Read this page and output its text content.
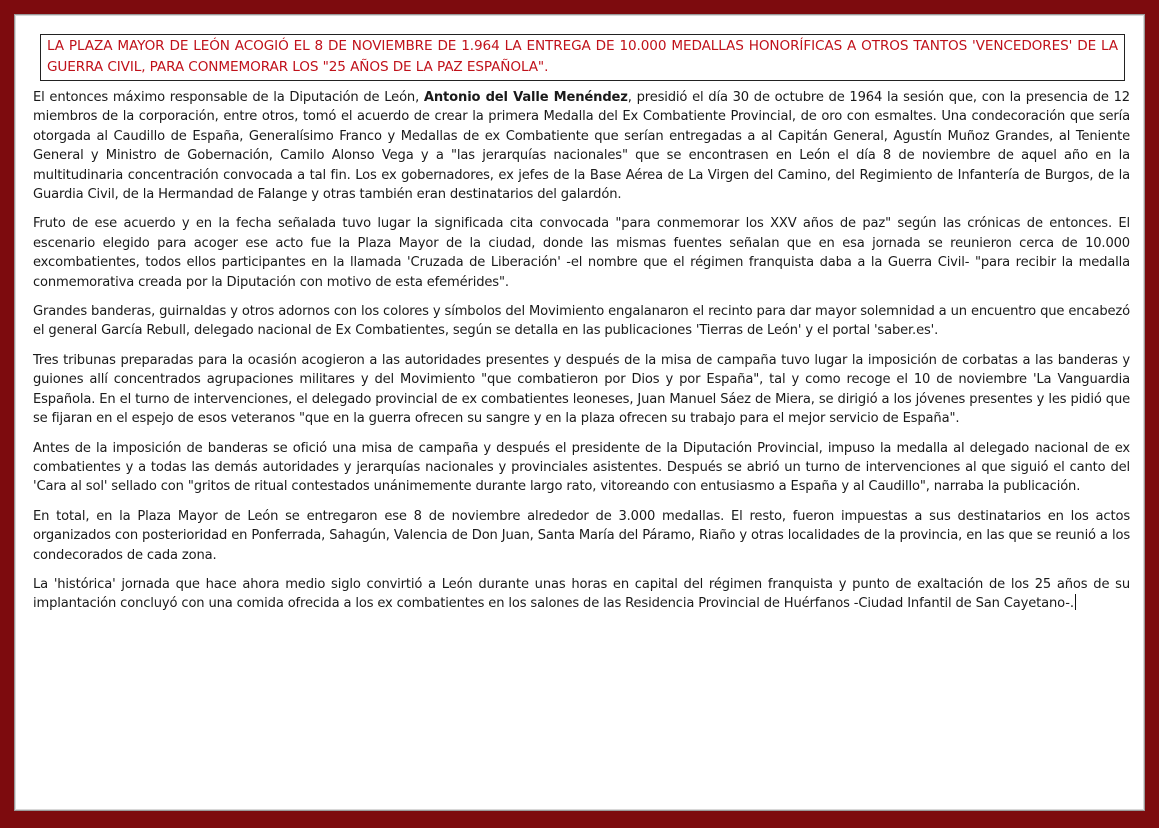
LA PLAZA MAYOR DE LEÓN ACOGIÓ EL 8 DE NOVIEMBRE DE 1.964 LA ENTREGA DE 10.000 MEDALLAS HONORÍFICAS A OTROS TANTOS 'VENCEDORES' DE LA GUERRA CIVIL, PARA CONMEMORAR LOS "25 AÑOS DE LA PAZ ESPAÑOLA".

El entonces máximo responsable de la Diputación de León, Antonio del Valle Menéndez, presidió el día 30 de octubre de 1964 la sesión que, con la presencia de 12 miembros de la corporación, entre otros, tomó el acuerdo de crear la primera Medalla del Ex Combatiente Provincial, de oro con esmaltes. Una condecoración que sería otorgada al Caudillo de España, Generalísimo Franco y Medallas de ex Combatiente que serían entregadas a al Capitán General, Agustín Muñoz Grandes, al Teniente General y Ministro de Gobernación, Camilo Alonso Vega y a "las jerarquías nacionales" que se encontrasen en León el día 8 de noviembre de aquel año en la multitudinaria concentración convocada a tal fin. Los ex gobernadores, ex jefes de la Base Aérea de La Virgen del Camino, del Regimiento de Infantería de Burgos, de la Guardia Civil, de la Hermandad de Falange y otras también eran destinatarios del galardón.

Fruto de ese acuerdo y en la fecha señalada tuvo lugar la significada cita convocada "para conmemorar los XXV años de paz" según las crónicas de entonces. El escenario elegido para acoger ese acto fue la Plaza Mayor de la ciudad, donde las mismas fuentes señalan que en esa jornada se reunieron cerca de 10.000 excombatientes, todos ellos participantes en la llamada 'Cruzada de Liberación' -el nombre que el régimen franquista daba a la Guerra Civil- "para recibir la medalla conmemorativa creada por la Diputación con motivo de esta efemérides".

Grandes banderas, guirnaldas y otros adornos con los colores y símbolos del Movimiento engalanaron el recinto para dar mayor solemnidad a un encuentro que encabezó el general García Rebull, delegado nacional de Ex Combatientes, según se detalla en las publicaciones 'Tierras de León' y el portal 'saber.es'.

Tres tribunas preparadas para la ocasión acogieron a las autoridades presentes y después de la misa de campaña tuvo lugar la imposición de corbatas a las banderas y guiones allí concentrados agrupaciones militares y del Movimiento "que combatieron por Dios y por España", tal y como recoge el 10 de noviembre 'La Vanguardia Española. En el turno de intervenciones, el delegado provincial de ex combatientes leoneses, Juan Manuel Sáez de Miera, se dirigió a los jóvenes presentes y les pidió que se fijaran en el espejo de esos veteranos "que en la guerra ofrecen su sangre y en la plaza ofrecen su trabajo para el mejor servicio de España".

Antes de la imposición de banderas se ofició una misa de campaña y después el presidente de la Diputación Provincial, impuso la medalla al delegado nacional de ex combatientes y a todas las demás autoridades y jerarquías nacionales y provinciales asistentes. Después se abrió un turno de intervenciones al que siguió el canto del 'Cara al sol' sellado con "gritos de ritual contestados unánimemente durante largo rato, vitoreando con entusiasmo a España y al Caudillo", narraba la publicación.

En total, en la Plaza Mayor de León se entregaron ese 8 de noviembre alrededor de 3.000 medallas. El resto, fueron impuestas a sus destinatarios en los actos organizados con posterioridad en Ponferrada, Sahagún, Valencia de Don Juan, Santa María del Páramo, Riaño y otras localidades de la provincia, en las que se reunió a los condecorados de cada zona.

La 'histórica' jornada que hace ahora medio siglo convirtió a León durante unas horas en capital del régimen franquista y punto de exaltación de los 25 años de su implantación concluyó con una comida ofrecida a los ex combatientes en los salones de las Residencia Provincial de Huérfanos -Ciudad Infantil de San Cayetano-.
